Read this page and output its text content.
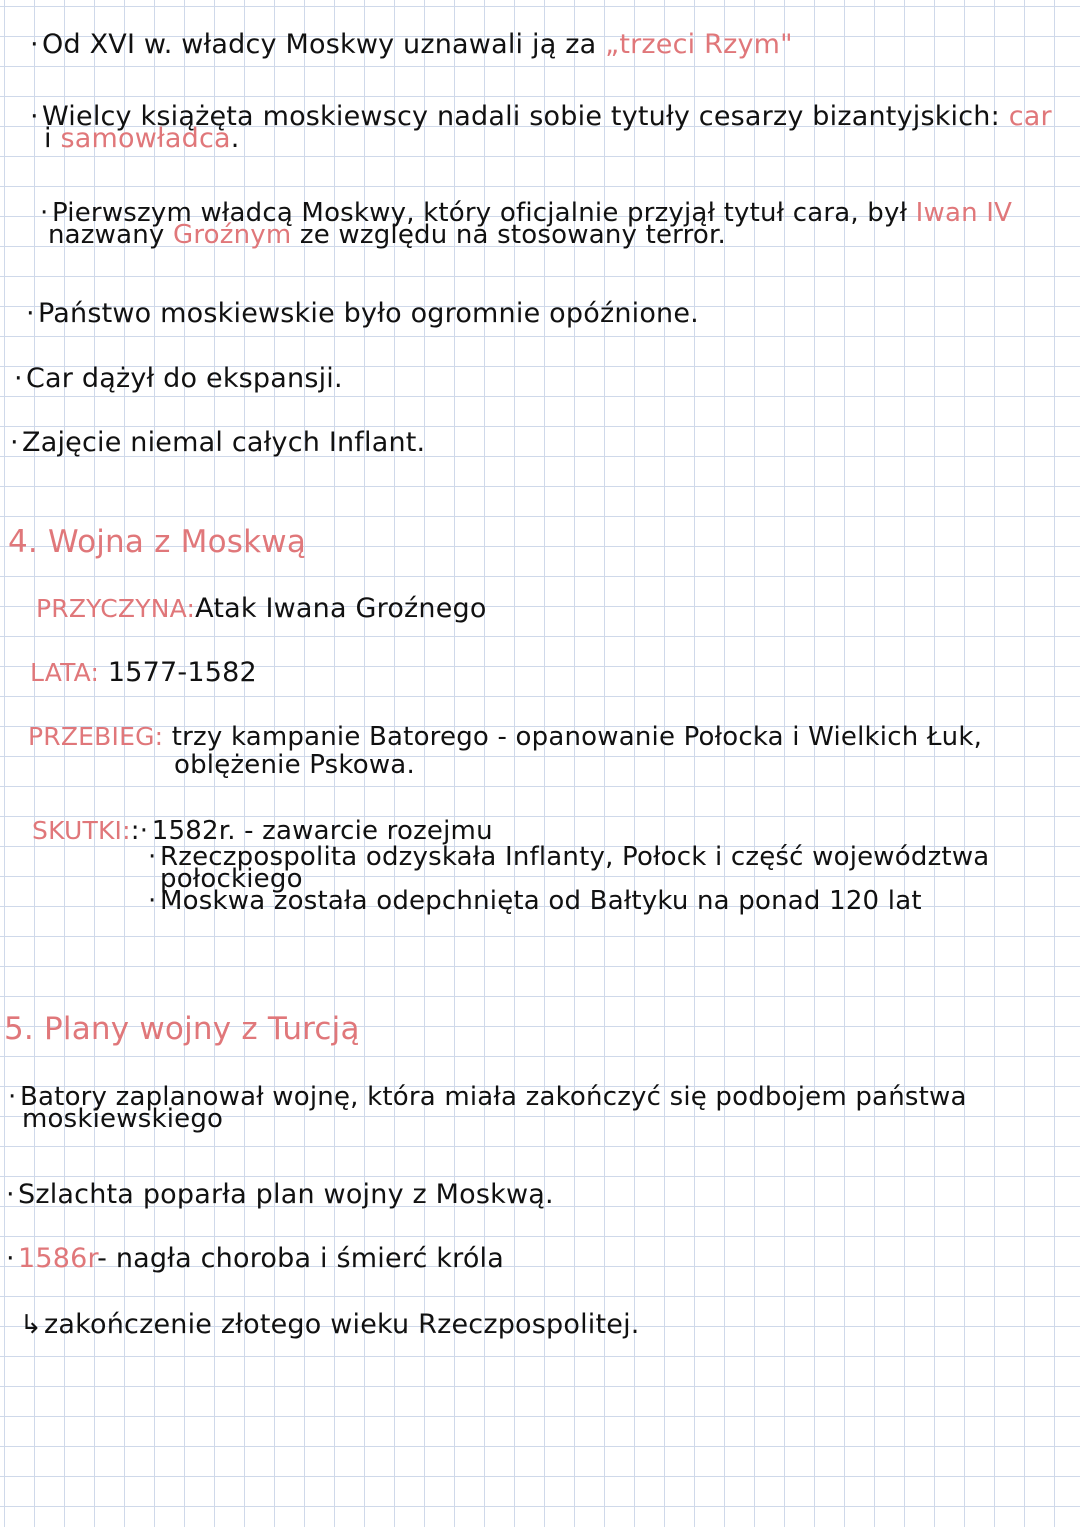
· Od XVI w. władcy Moskwy uznawali ją za „trzeci Rzym"
· Wielcy książęta moskiewscy nadali sobie tytuły cesarzy bizantyjskich: car
i samowładca.
· Pierwszym władcą Moskwy, który oficjalnie przyjął tytuł cara, był Iwan IV
nazwany Groźnym ze względu na stosowany terror.
· Państwo moskiewskie było ogromnie opóźnione.
· Car dążył do ekspansji.
· Zajęcie niemal całych Inflant.
4. Wojna z Moskwą
PRZYCZYNA:Atak Iwana Groźnego
LATA: 1577-1582
PRZEBIEG: trzy kampanie Batorego - opanowanie Połocka i Wielkich Łuk,
oblężenie Pskowa.
SKUTKI::· 1582r. - zawarcie rozejmu
· Rzeczpospolita odzyskała Inflanty, Połock i część województwa
połockiego
· Moskwa została odepchnięta od Bałtyku na ponad 120 lat
5. Plany wojny z Turcją
· Batory zaplanował wojnę, która miała zakończyć się podbojem państwa
moskiewskiego
· Szlachta poparła plan wojny z Moskwą.
· 1586r- nagła choroba i śmierć króla
↳zakończenie złotego wieku Rzeczpospolitej.
